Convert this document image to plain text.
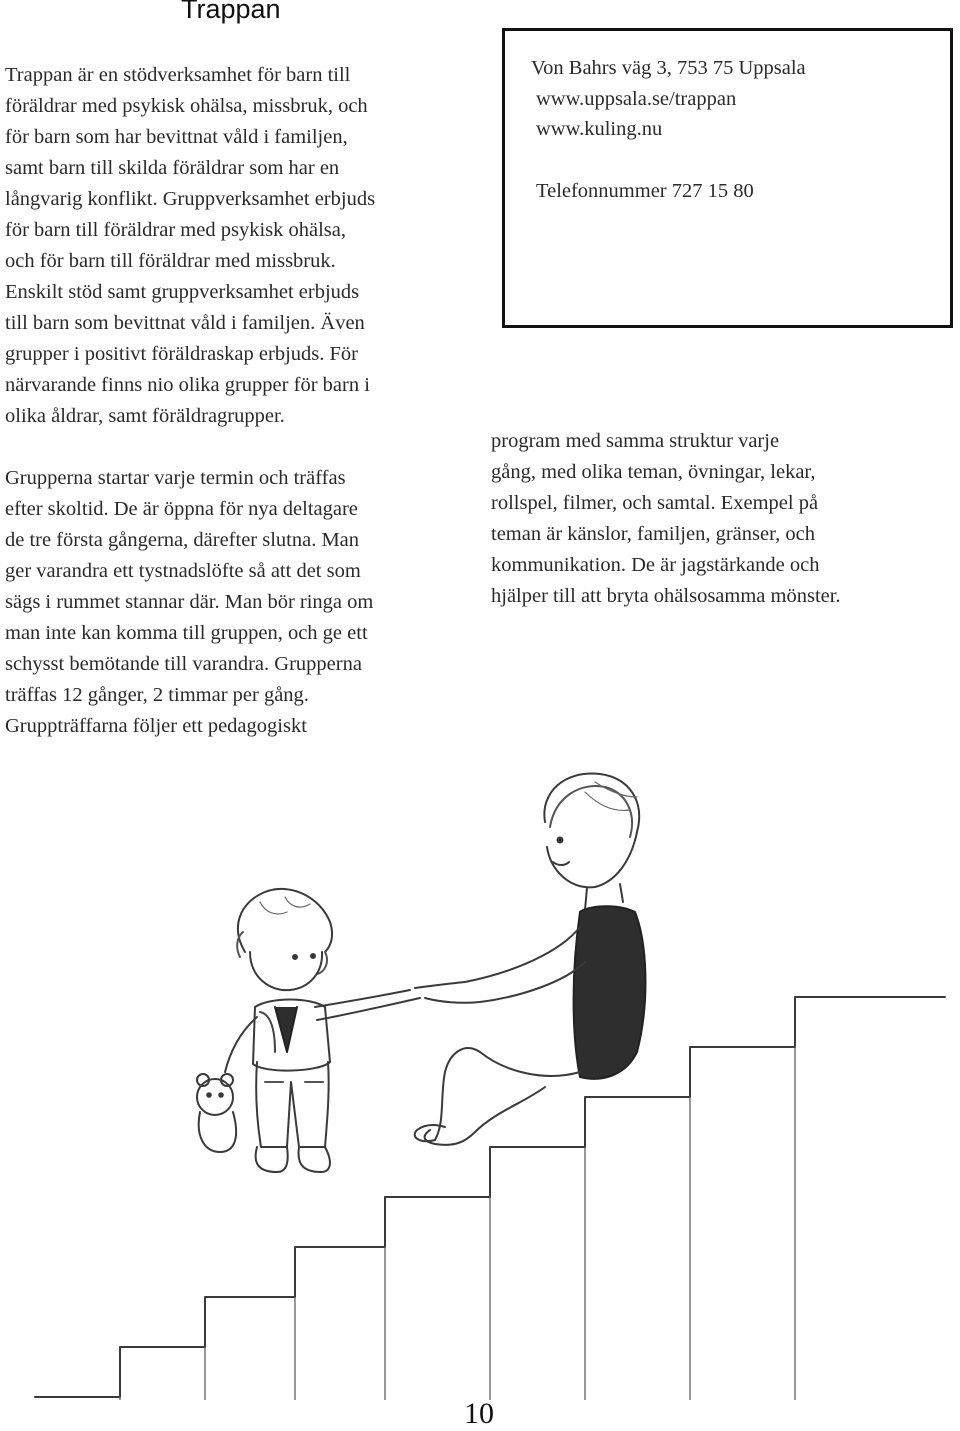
Trappan
Trappan är en stödverksamhet för barn till
föräldrar med psykisk ohälsa, missbruk, och
för barn som har bevittnat våld i familjen,
samt barn till skilda föräldrar som har en
långvarig konflikt. Gruppverksamhet erbjuds
för barn till föräldrar med psykisk ohälsa,
och för barn till föräldrar med missbruk.
Enskilt stöd samt gruppverksamhet erbjuds
till barn som bevittnat våld i familjen. Även
grupper i positivt föräldraskap erbjuds. För
närvarande finns nio olika grupper för barn i
olika åldrar, samt föräldragrupper.
Grupperna startar varje termin och träffas
efter skoltid. De är öppna för nya deltagare
de tre första gångerna, därefter slutna. Man
ger varandra ett tystnadslöfte så att det som
sägs i rummet stannar där. Man bör ringa om
man inte kan komma till gruppen, och ge ett
schysst bemötande till varandra. Grupperna
träffas 12 gånger, 2 timmar per gång.
Gruppträffarna följer ett pedagogiskt
Von Bahrs väg 3, 753 75 Uppsala
www.uppsala.se/trappan
www.kuling.nu
Telefonnummer 727 15 80
program med samma struktur varje
gång, med olika teman, övningar, lekar,
rollspel, filmer, och samtal. Exempel på
teman är känslor, familjen, gränser, och
kommunikation. De är jagstärkande och
hjälper till att bryta ohälsosamma mönster.
10
